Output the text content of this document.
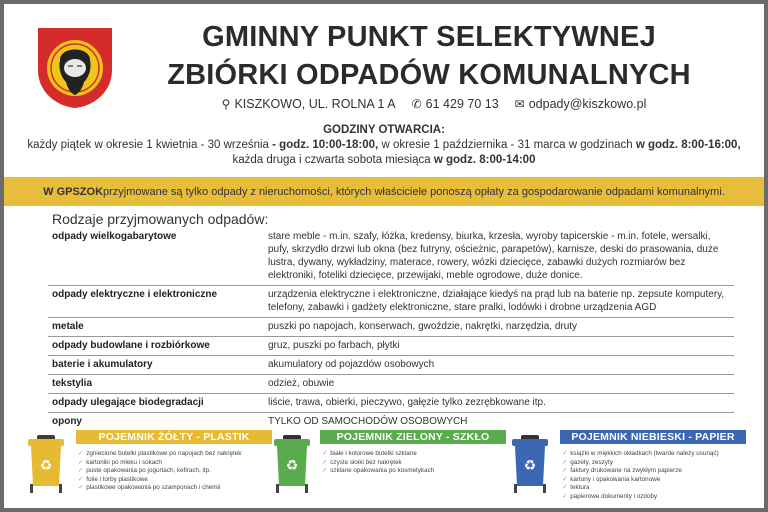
GMINNY PUNKT SELEKTYWNEJ
ZBIÓRKI ODPADÓW KOMUNALNYCH
⚲ KISZKOWO, UL. ROLNA 1 A ✆ 61 429 70 13 ✉ odpady@kiszkowo.pl
GODZINY OTWARCIA:
każdy piątek w okresie 1 kwietnia - 30 września - godz. 10:00-18:00, w okresie 1 października - 31 marca w godzinach w godz. 8:00-16:00,
każda druga i czwarta sobota miesiąca w godz. 8:00-14:00
W GPSZOK przyjmowane są tylko odpady z nieruchomości, których właściciele ponoszą opłaty za gospodarowanie odpadami komunalnymi.
Rodzaje przyjmowanych odpadów:
odpady wielkogabarytowe	stare meble - m.in. szafy, łóżka, kredensy, biurka, krzesła, wyroby tapicerskie - m.in. fotele, wersalki, pufy, skrzydło drzwi lub okna (bez futryny, ościeżnic, parapetów), karnisze, deski do prasowania, duże lustra, dywany, wykładziny, materace, rowery, wózki dziecięce, zabawki dużych rozmiarów bez elektroniki, foteliki dziecięce, przewijaki, meble ogrodowe, duże donice.
odpady elektryczne i elektroniczne	urządzenia elektryczne i elektroniczne, działające kiedyś na prąd lub na baterie np. zepsute komputery, telefony, zabawki i gadżety elektroniczne, stare pralki, lodówki i drobne urządzenia AGD
metale	puszki po napojach, konserwach, gwoździe, nakrętki, narzędzia, druty
odpady budowlane i rozbiórkowe	gruz, puszki po farbach, płytki
baterie i akumulatory	akumulatory od pojazdów osobowych
tekstylia	odzież, obuwie
odpady ulegające biodegradacji	liście, trawa, obierki, pieczywo, gałęzie tylko zezrębkowane itp.
opony	TYLKO OD SAMOCHODÓW OSOBOWYCH
♻
POJEMNIK ŻÓŁTY - PLASTIK
✓ zgniecione butelki plastikowe po napojach bez nakrętek
✓ kartoniki po mleku i sokach
✓ puste opakowania po jogurtach, kefirach, itp.
✓ folie i torby plastikowe
✓ plastikowe opakowania po szamponach i chemii
♻
POJEMNIK ZIELONY - SZKŁO
✓ białe i kolorowe butelki szklane
✓ czyste słoiki bez nakrętek
✓ szklane opakowania po kosmetykach	♻
POJEMNIK NIEBIESKI - PAPIER
✓ książki w miękkich okładkach (twarde należy usunąć)
✓ gazety, zeszyty
✓ faktury drukowane na zwykłym papierze
✓ kartony i opakowania kartonowe
✓ tektura
✓ papierowe dokumenty i ozdoby
